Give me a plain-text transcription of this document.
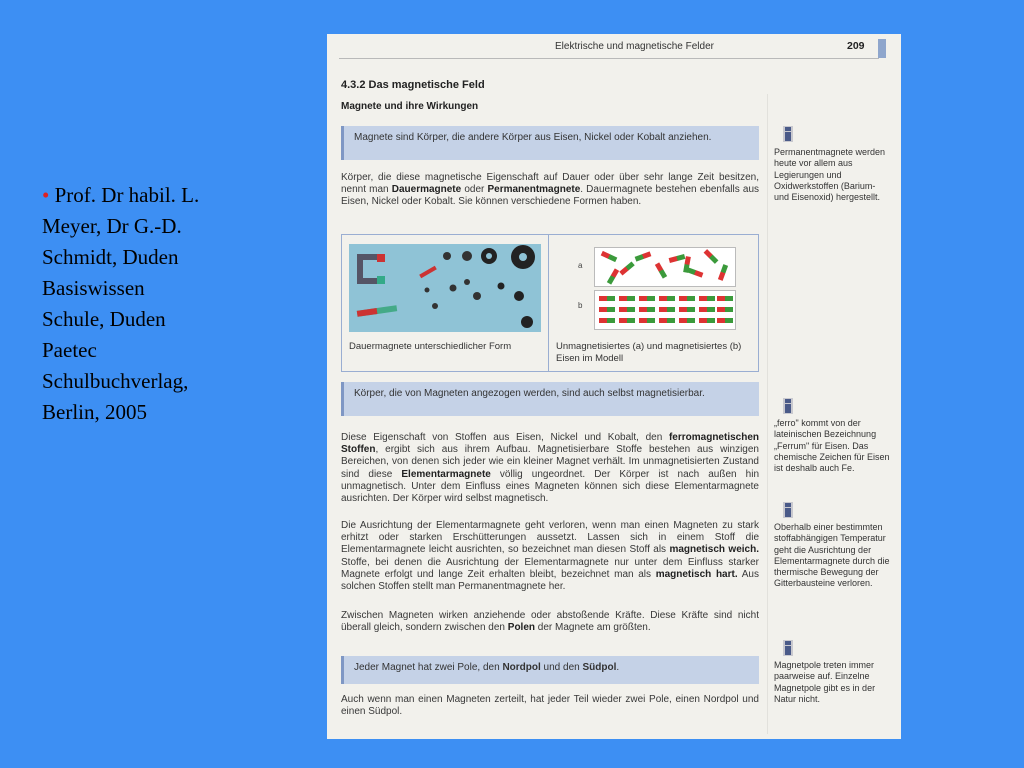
• Prof. Dr habil. L.
Meyer, Dr G.-D.
Schmidt, Duden
Basiswissen
Schule, Duden
Paetec
Schulbuchverlag,
Berlin, 2005
Elektrische und magnetische Felder	209
4.3.2 Das magnetische Feld
Magnete und ihre Wirkungen
Magnete sind Körper, die andere Körper aus Eisen, Nickel oder Kobalt anziehen.
Körper, die diese magnetische Eigenschaft auf Dauer oder über sehr lange Zeit besitzen, nennt man Dauermagnete oder Permanentmagnete. Dauermagnete bestehen ebenfalls aus Eisen, Nickel oder Kobalt. Sie können verschiedene Formen haben.
Dauermagnete unterschiedlicher Form
a
b
Unmagnetisiertes (a) und magnetisiertes (b) Eisen im Modell
Körper, die von Magneten angezogen werden, sind auch selbst magnetisierbar.
Diese Eigenschaft von Stoffen aus Eisen, Nickel und Kobalt, den ferromagnetischen Stoffen, ergibt sich aus ihrem Aufbau. Magnetisierbare Stoffe bestehen aus winzigen Bereichen, von denen sich jeder wie ein kleiner Magnet verhält. Im unmagnetisierten Zustand sind diese Elementarmagnete völlig ungeordnet. Der Körper ist nach außen hin unmagnetisch. Unter dem Einfluss eines Magneten können sich diese Elementarmagnete ausrichten. Der Körper wird selbst magnetisch.
Die Ausrichtung der Elementarmagnete geht verloren, wenn man einen Magneten zu stark erhitzt oder starken Erschütterungen aussetzt. Lassen sich in einem Stoff die Elementarmagnete leicht ausrichten, so bezeichnet man diesen Stoff als magnetisch weich. Stoffe, bei denen die Ausrichtung der Elementarmagnete nur unter dem Einfluss starker Magnete erfolgt und lange Zeit erhalten bleibt, bezeichnet man als magnetisch hart. Aus solchen Stoffen stellt man Permanentmagnete her.
Zwischen Magneten wirken anziehende oder abstoßende Kräfte. Diese Kräfte sind nicht überall gleich, sondern zwischen den Polen der Magnete am größten.
Jeder Magnet hat zwei Pole, den Nordpol und den Südpol.
Auch wenn man einen Magneten zerteilt, hat jeder Teil wieder zwei Pole, einen Nordpol und einen Südpol.
Permanentmagnete werden heute vor allem aus Legierungen und Oxidwerkstoffen (Barium- und Eisenoxid) hergestellt.
„ferro" kommt von der lateinischen Bezeichnung „Ferrum" für Eisen. Das chemische Zeichen für Eisen ist deshalb auch Fe.
Oberhalb einer bestimmten stoffabhängigen Temperatur geht die Ausrichtung der Elementarmagnete durch die thermische Bewegung der Gitterbausteine verloren.
Magnetpole treten immer paarweise auf. Einzelne Magnetpole gibt es in der Natur nicht.
